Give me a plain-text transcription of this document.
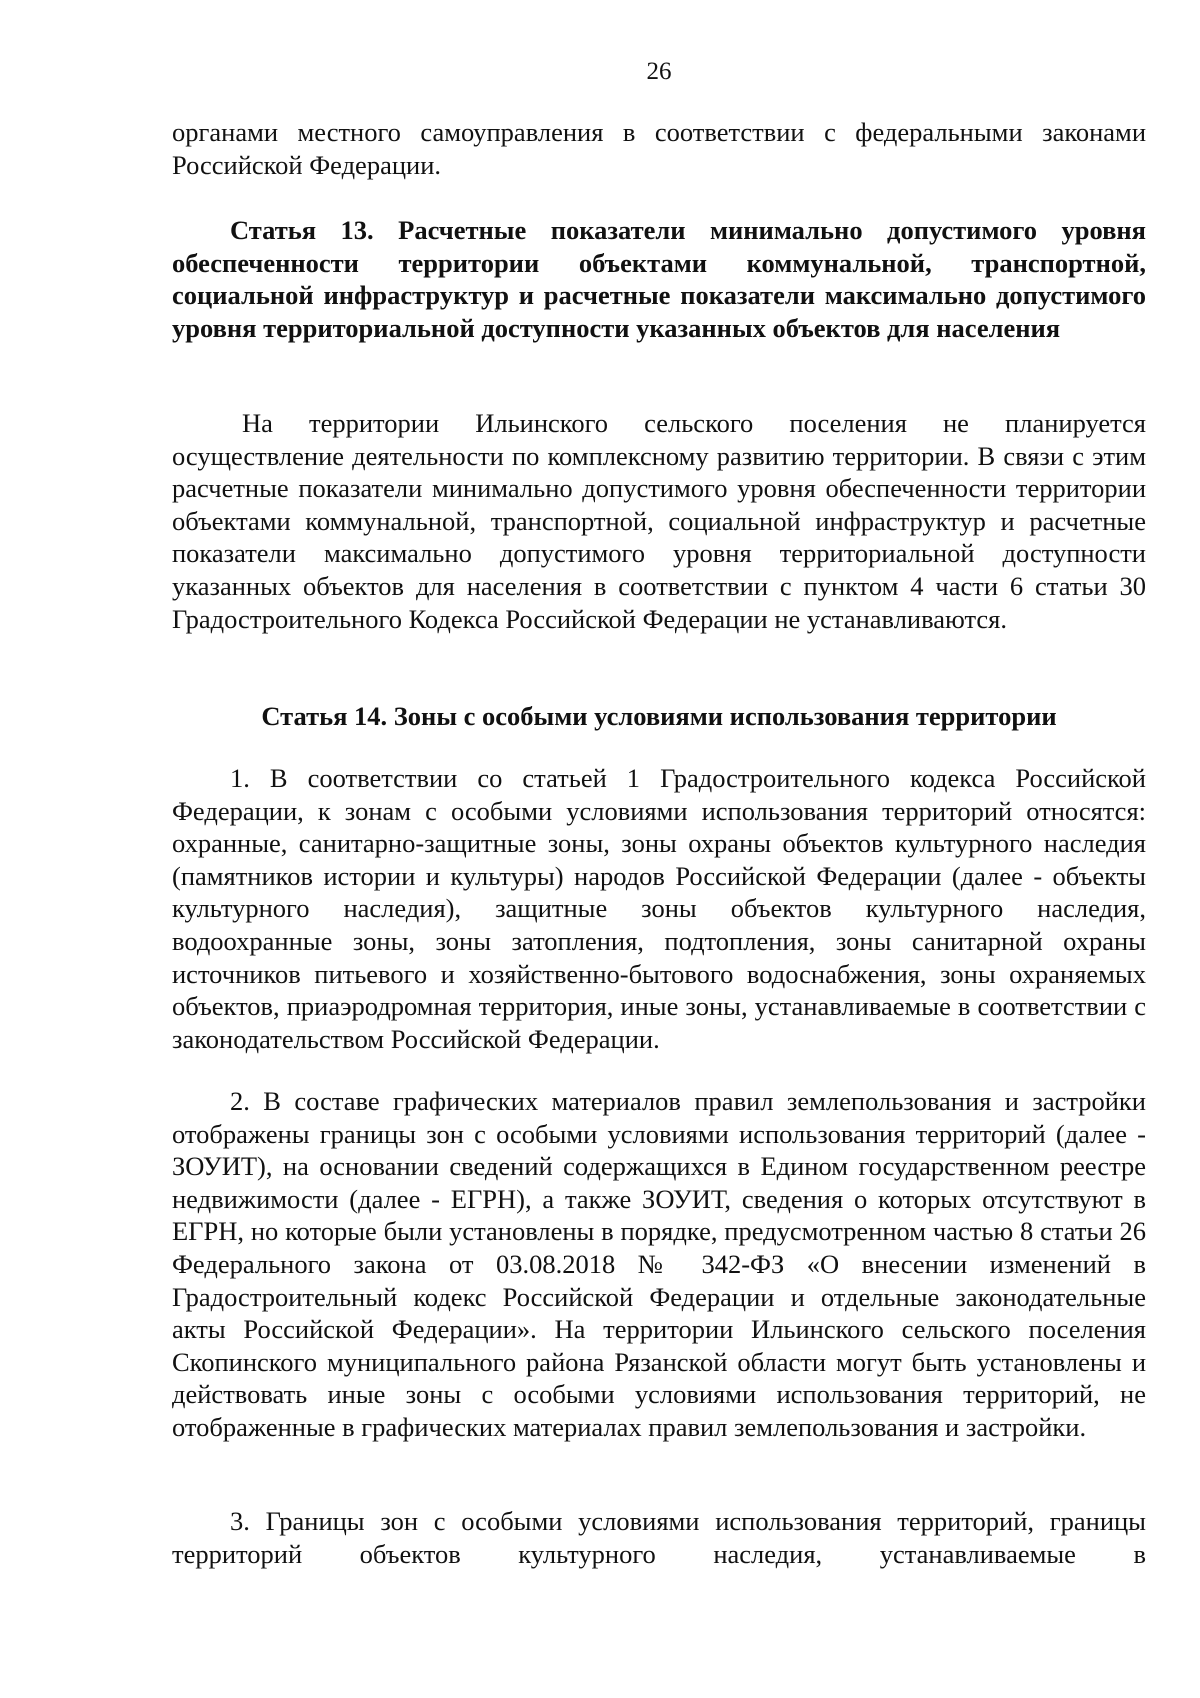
26

органами местного самоуправления в соответствии с федеральными законами Российской Федерации.

Статья 13. Расчетные показатели минимально допустимого уровня обеспеченности территории объектами коммунальной, транспортной, социальной инфраструктур и расчетные показатели максимально допустимого уровня территориальной доступности указанных объектов для населения

На территории Ильинского сельского поселения не планируется осуществление деятельности по комплексному развитию территории. В связи с этим расчетные показатели минимально допустимого уровня обеспеченности территории объектами коммунальной, транспортной, социальной инфраструктур и расчетные показатели максимально допустимого уровня территориальной доступности указанных объектов для населения в соответствии с пунктом 4 части 6 статьи 30 Градостроительного Кодекса Российской Федерации не устанавливаются.

Статья 14. Зоны с особыми условиями использования территории

1. В соответствии со статьей 1 Градостроительного кодекса Российской Федерации, к зонам с особыми условиями использования территорий относятся: охранные, санитарно-защитные зоны, зоны охраны объектов культурного наследия (памятников истории и культуры) народов Российской Федерации (далее - объекты культурного наследия), защитные зоны объектов культурного наследия, водоохранные зоны, зоны затопления, подтопления, зоны санитарной охраны источников питьевого и хозяйственно-бытового водоснабжения, зоны охраняемых объектов, приаэродромная территория, иные зоны, устанавливаемые в соответствии с законодательством Российской Федерации.

2. В составе графических материалов правил землепользования и застройки отображены границы зон с особыми условиями использования территорий (далее - ЗОУИТ), на основании сведений содержащихся в Едином государственном реестре недвижимости (далее - ЕГРН), а также ЗОУИТ, сведения о которых отсутствуют в ЕГРН, но которые были установлены в порядке, предусмотренном частью 8 статьи 26 Федерального закона от 03.08.2018 № 342-ФЗ «О внесении изменений в Градостроительный кодекс Российской Федерации и отдельные законодательные акты Российской Федерации». На территории Ильинского сельского поселения Скопинского муниципального района Рязанской области могут быть установлены и действовать иные зоны с особыми условиями использования территорий, не отображенные в графических материалах правил землепользования и застройки.

3. Границы зон с особыми условиями использования территорий, границы территорий объектов культурного наследия, устанавливаемые в
